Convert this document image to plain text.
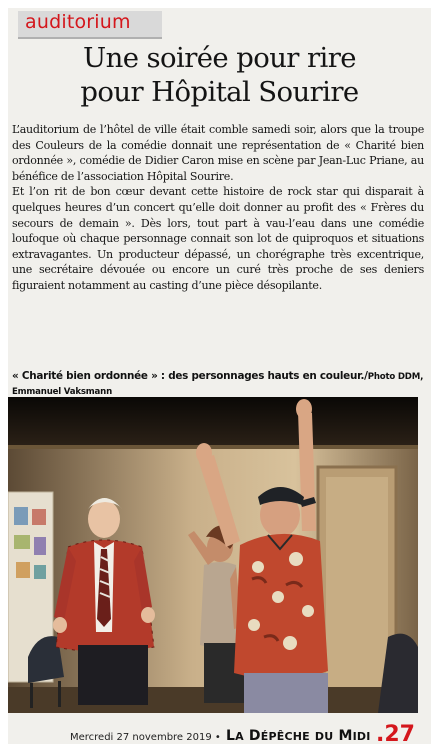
auditorium
Une soirée pour rire
pour Hôpital Sourire

L’auditorium de l’hôtel de ville était comble samedi soir, alors que la troupe des Couleurs de la comédie donnait une représentation de « Charité bien ordonnée », comédie de Didier Caron mise en scène par Jean-Luc Priane, au bénéfice de l’association Hôpital Sourire.

Et l’on rit de bon cœur devant cette histoire de rock star qui disparait à quelques heures d’un concert qu’elle doit donner au profit des « Frères du secours de demain ». Dès lors, tout part à vau-l’eau dans une comédie loufoque où chaque personnage connait son lot de quiproquos et situations extravagantes. Un producteur dépassé, un chorégraphe très excentrique, une secrétaire dévouée ou encore un curé très proche de ses deniers figuraient notamment au casting d’une pièce désopilante.

« Charité bien ordonnée » : des personnages hauts en couleur./Photo DDM, Emmanuel Vaksmann
Mercredi 27 novembre 2019 • LA DÉPÊCHE DU MIDI .27
